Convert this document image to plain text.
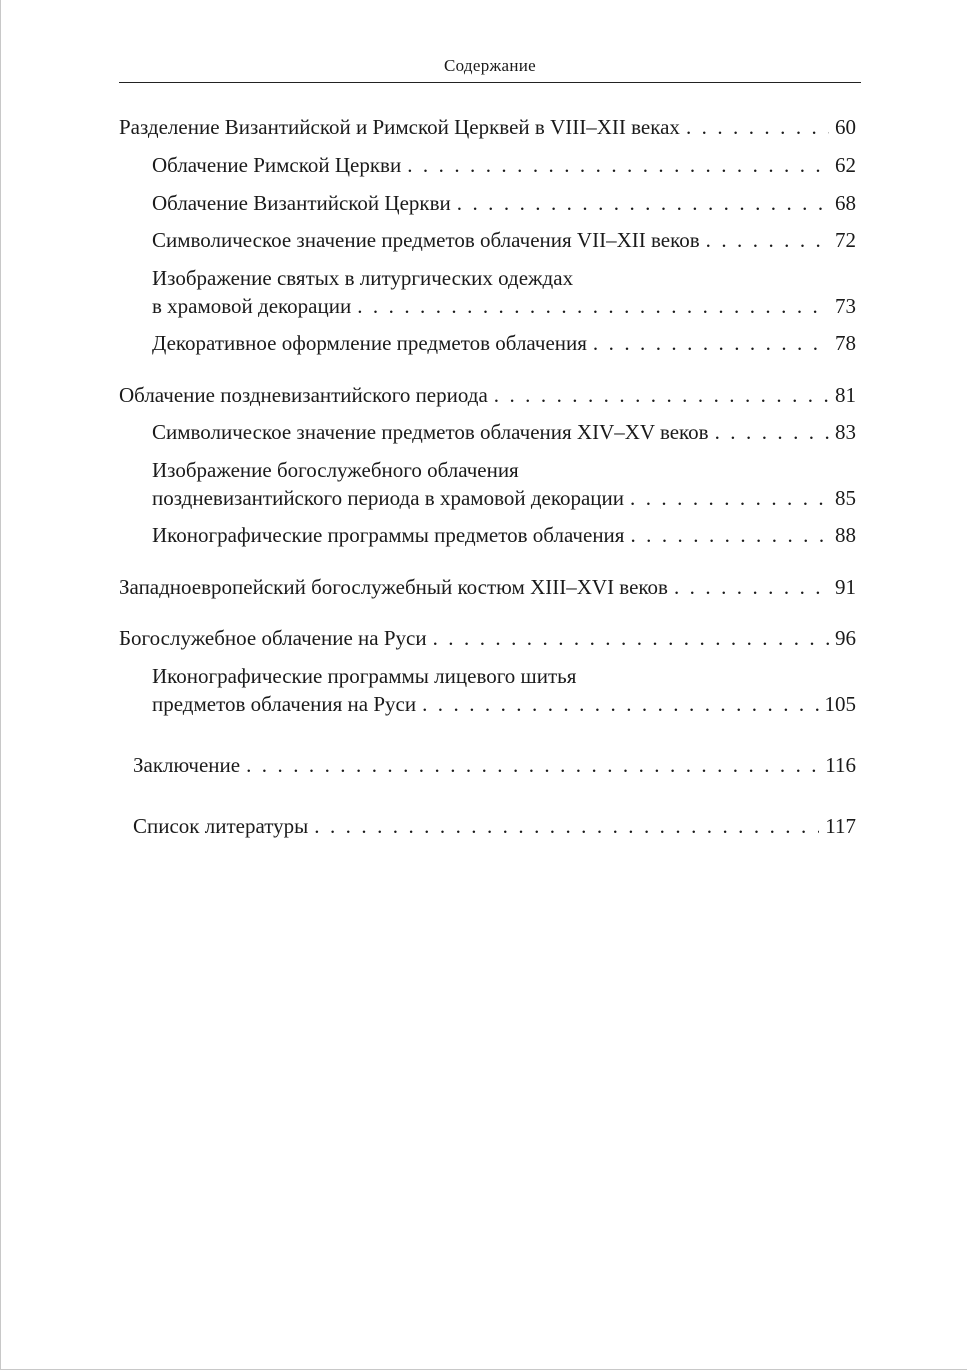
Содержание
Разделение Византийской и Римской Церквей в VIII–XII веках . . .	60
Облачение Римской Церкви . . .	62
Облачение Византийской Церкви . . .	68
Символическое значение предметов облачения VII–XII веков . . .	72
Изображение святых в литургических одеждах
в храмовой декорации . . .	73
Декоративное оформление предметов облачения . . .	78
Облачение поздневизантийского периода . . .	81
Символическое значение предметов облачения XIV–XV веков . . .	83
Изображение богослужебного облачения
поздневизантийского периода в храмовой декорации . . .	85
Иконографические программы предметов облачения . . .	88
Западноевропейский богослужебный костюм XIII–XVI веков . . .	91
Богослужебное облачение на Руси . . .	96
Иконографические программы лицевого шитья
предметов облачения на Руси . . .	105
Заключение . . .	116
Список литературы . . .	117
